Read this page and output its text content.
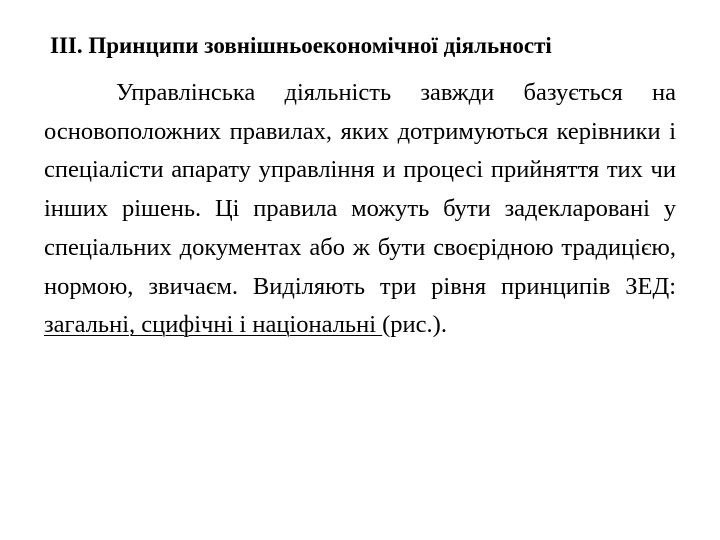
ІІІ. Принципи зовнішньоекономічної діяльності

Управлінська діяльність завжди базується на основоположних правилах, яких дотримуються керівники і спеціалісти апарату управління и процесі прийняття тих чи інших рішень. Ці правила можуть бути задекларовані у спеціальних документах або ж бути своєрідною традицією, нормою, звичаєм. Виділяють три рівня принципів ЗЕД: загальні, сцифічні і національні (рис.).
